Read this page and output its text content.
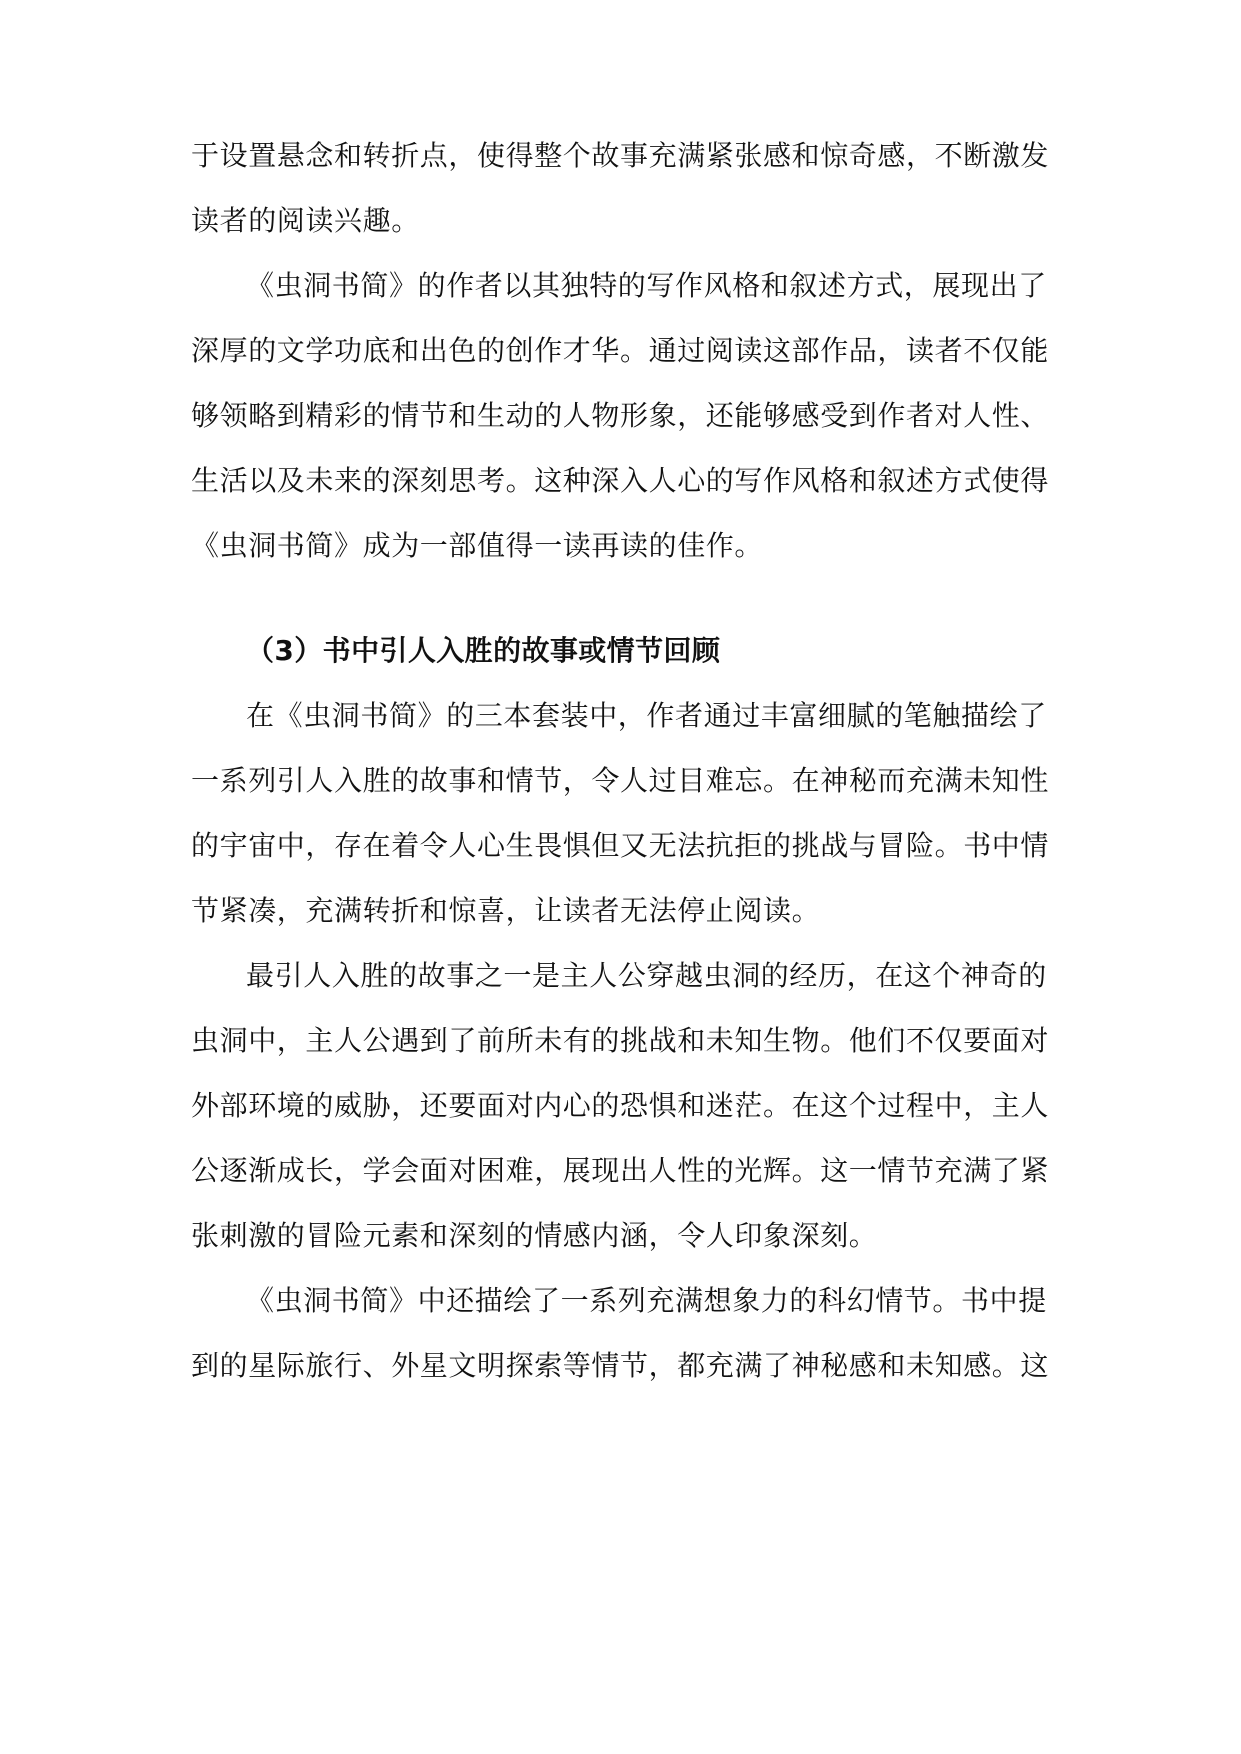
于设置悬念和转折点，使得整个故事充满紧张感和惊奇感，不断激发
读者的阅读兴趣。
《虫洞书简》的作者以其独特的写作风格和叙述方式，展现出了
深厚的文学功底和出色的创作才华。通过阅读这部作品，读者不仅能
够领略到精彩的情节和生动的人物形象，还能够感受到作者对人性、
生活以及未来的深刻思考。这种深入人心的写作风格和叙述方式使得
《虫洞书简》成为一部值得一读再读的佳作。
（3）书中引人入胜的故事或情节回顾
在《虫洞书简》的三本套装中，作者通过丰富细腻的笔触描绘了
一系列引人入胜的故事和情节，令人过目难忘。在神秘而充满未知性
的宇宙中，存在着令人心生畏惧但又无法抗拒的挑战与冒险。书中情
节紧凑，充满转折和惊喜，让读者无法停止阅读。
最引人入胜的故事之一是主人公穿越虫洞的经历，在这个神奇的
虫洞中，主人公遇到了前所未有的挑战和未知生物。他们不仅要面对
外部环境的威胁，还要面对内心的恐惧和迷茫。在这个过程中，主人
公逐渐成长，学会面对困难，展现出人性的光辉。这一情节充满了紧
张刺激的冒险元素和深刻的情感内涵，令人印象深刻。
《虫洞书简》中还描绘了一系列充满想象力的科幻情节。书中提
到的星际旅行、外星文明探索等情节，都充满了神秘感和未知感。这
